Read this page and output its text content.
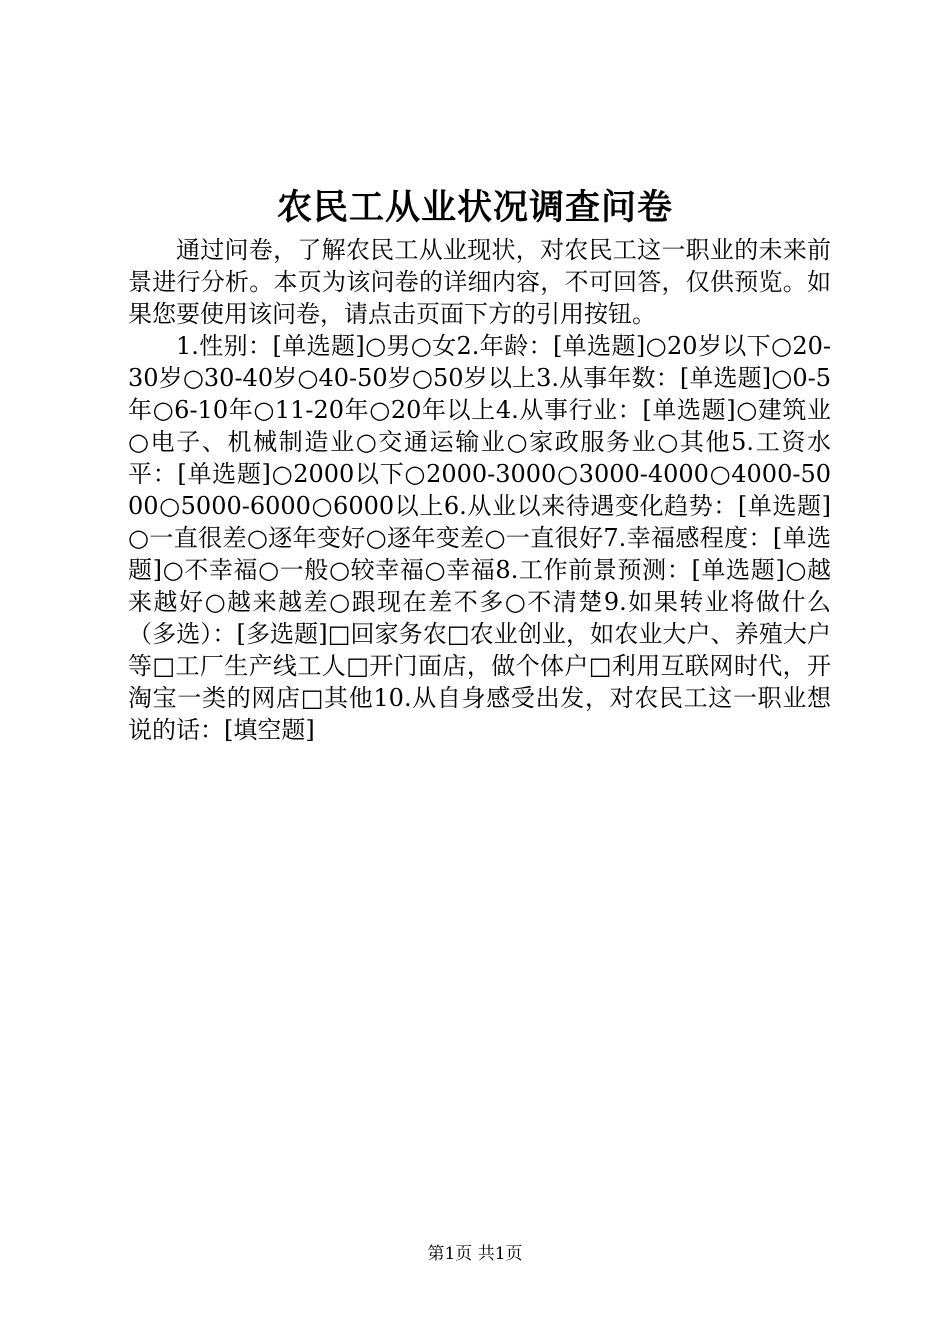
农民工从业状况调查问卷

通过问卷，了解农民工从业现状，对农民工这一职业的未来前景进行分析。本页为该问卷的详细内容，不可回答，仅供预览。如果您要使用该问卷，请点击页面下方的引用按钮。

1.性别：[单选题]○男○女2.年龄：[单选题]○20岁以下○20-30岁○30-40岁○40-50岁○50岁以上3.从事年数：[单选题]○0-5年○6-10年○11-20年○20年以上4.从事行业：[单选题]○建筑业○电子、机械制造业○交通运输业○家政服务业○其他5.工资水平：[单选题]○2000以下○2000-3000○3000-4000○4000-5000○5000-6000○6000以上6.从业以来待遇变化趋势：[单选题]○一直很差○逐年变好○逐年变差○一直很好7.幸福感程度：[单选题]○不幸福○一般○较幸福○幸福8.工作前景预测：[单选题]○越来越好○越来越差○跟现在差不多○不清楚9.如果转业将做什么（多选）：[多选题]□回家务农□农业创业，如农业大户、养殖大户等□工厂生产线工人□开门面店，做个体户□利用互联网时代，开淘宝一类的网店□其他10.从自身感受出发，对农民工这一职业想说的话：[填空题]

第1页 共1页
